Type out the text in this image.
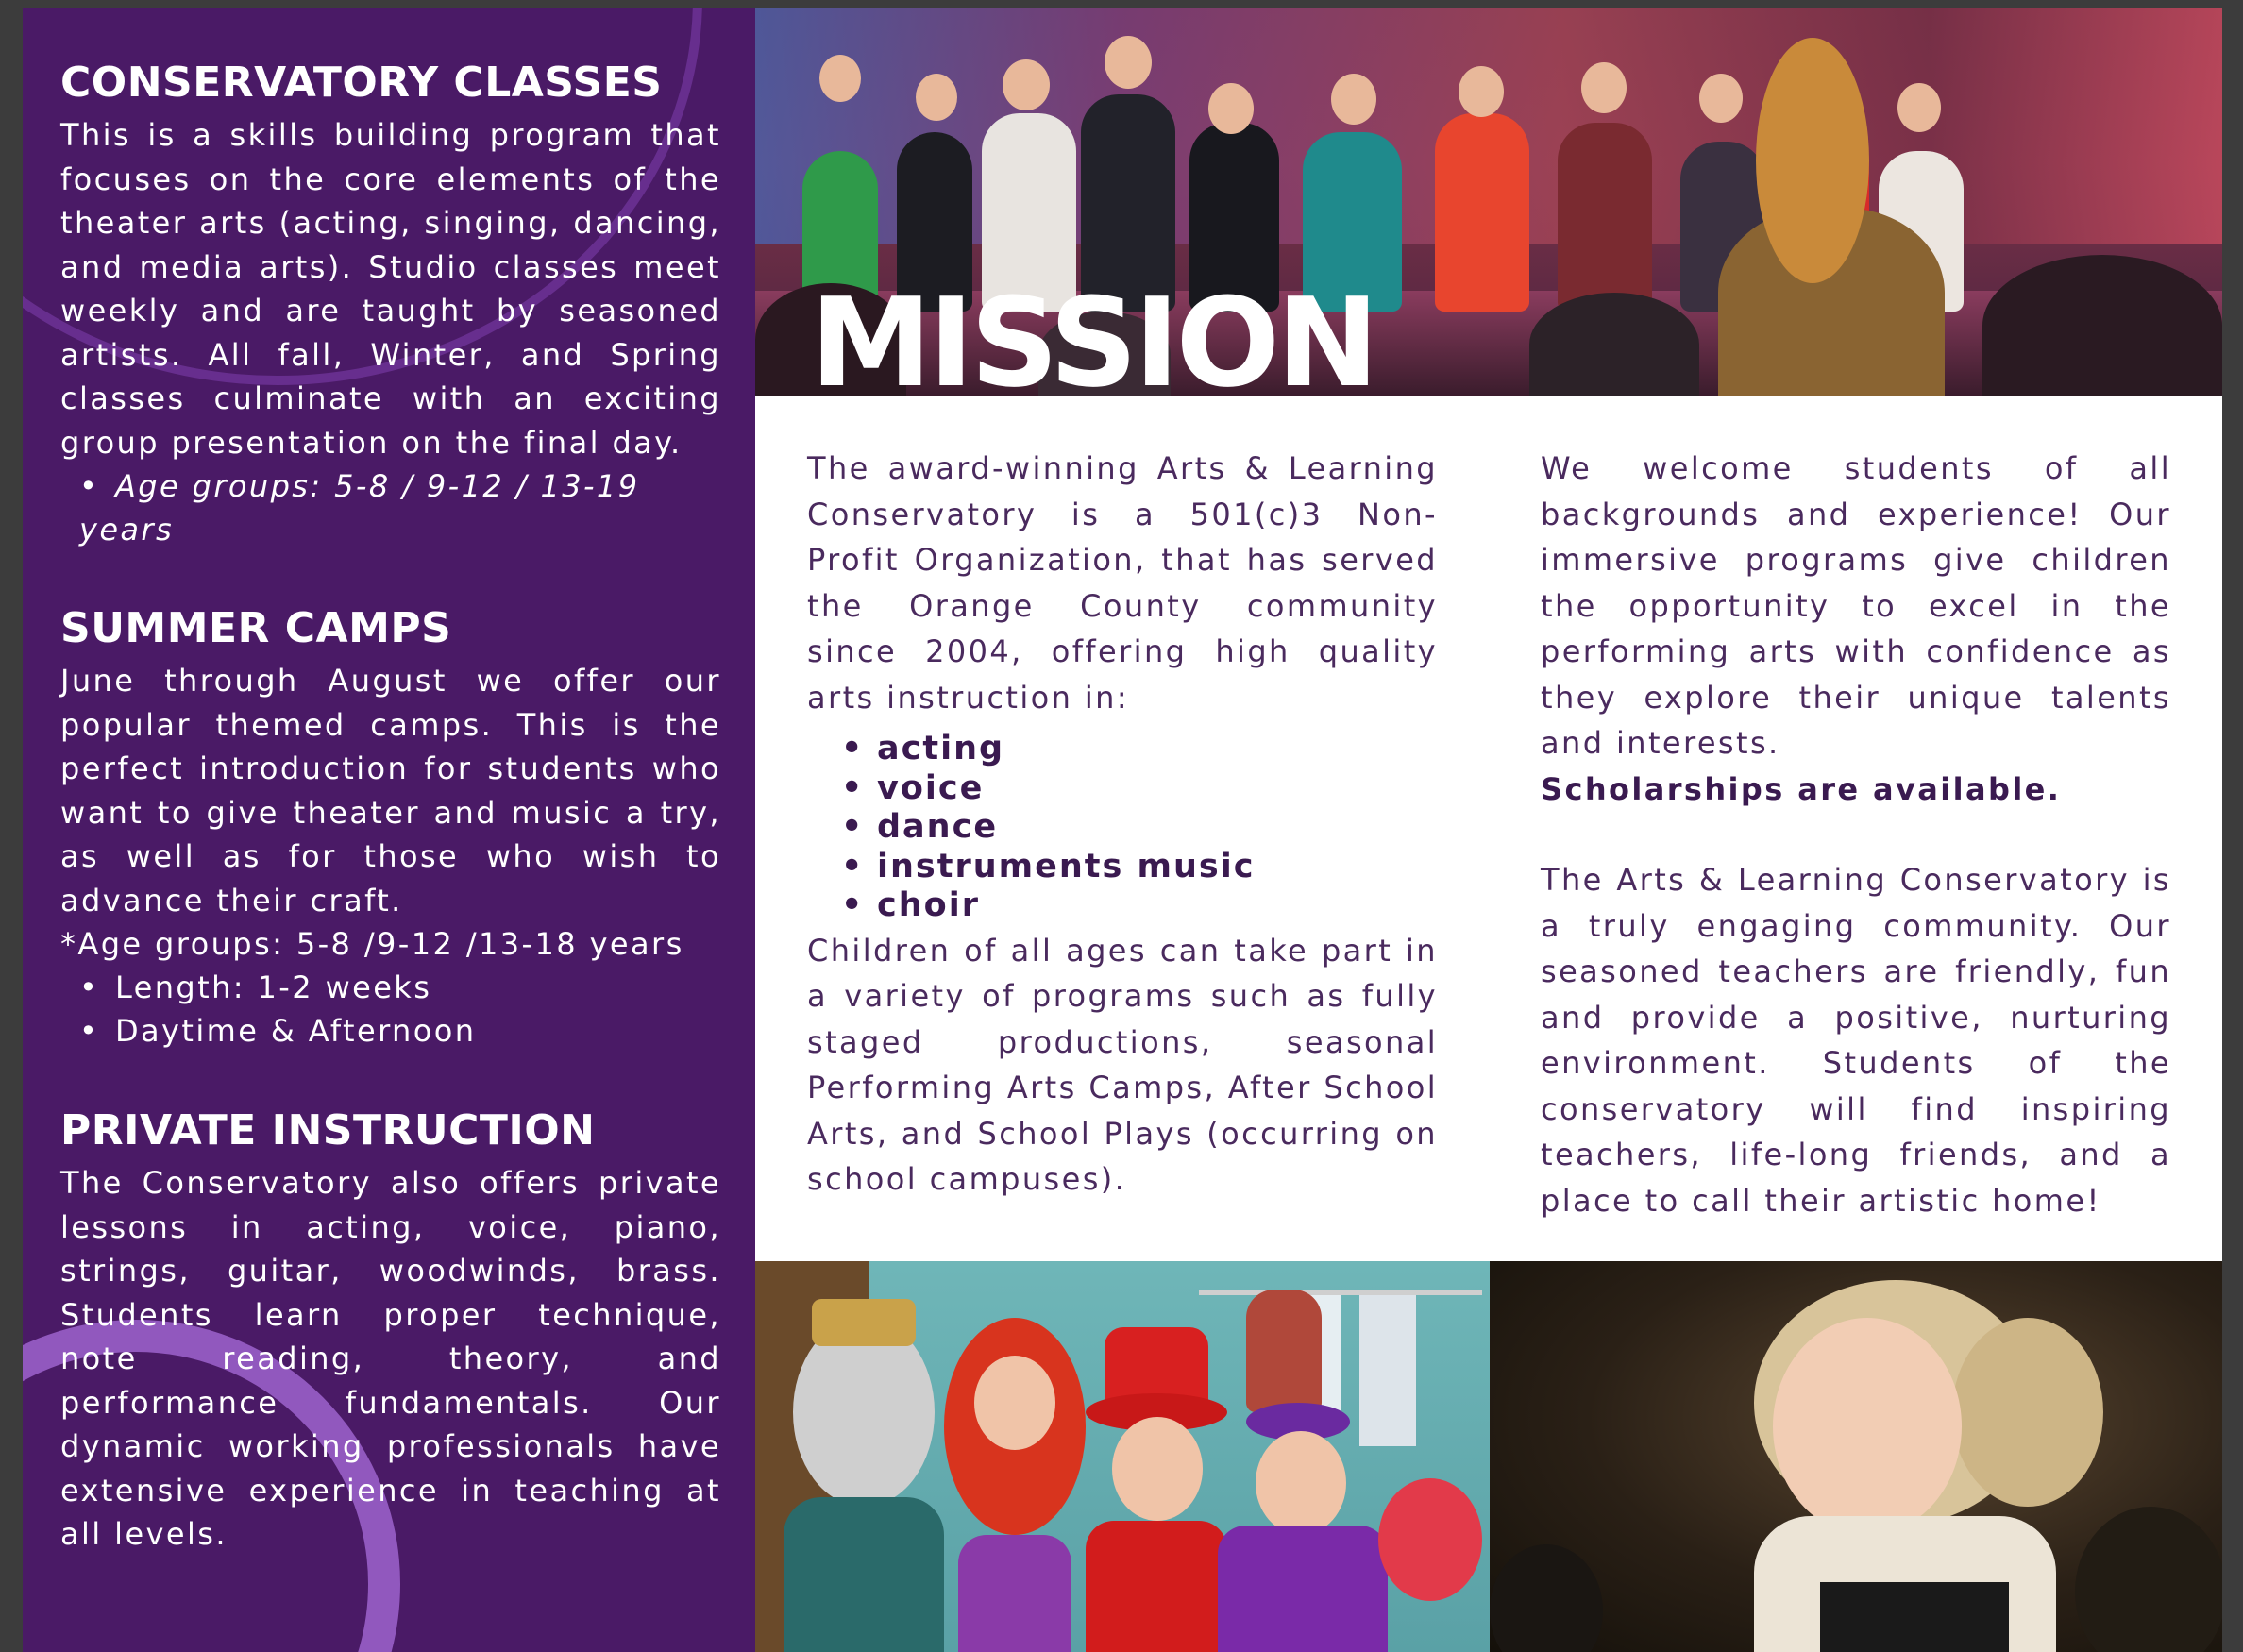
CONSERVATORY CLASSES

This is a skills building program that focuses on the core elements of the theater arts (acting, singing, dancing, and media arts). Studio classes meet weekly and are taught by seasoned artists. All fall, Winter, and Spring classes culminate with an exciting group presentation on the final day.

• Age groups: 5-8 / 9-12 / 13-19 years
SUMMER CAMPS

June through August we offer our popular themed camps. This is the perfect introduction for students who want to give theater and music a try, as well as for those who wish to advance their craft.

*Age groups: 5-8 /9-12 /13-18 years
• Length: 1-2 weeks
• Daytime & Afternoon
PRIVATE INSTRUCTION

The Conservatory also offers private lessons in acting, voice, piano, strings, guitar, woodwinds, brass. Students learn proper technique, note reading, theory, and performance fundamentals. Our dynamic working professionals have extensive experience in teaching at all levels.

MISSION

The award-winning Arts & Learning Conservatory is a 501(c)3 Non-Profit Organization, that has served the Orange County community since 2004, offering high quality arts instruction in:

• acting
• voice
• dance
• instruments music
• choir

Children of all ages can take part in a variety of programs such as fully staged productions, seasonal Performing Arts Camps, After School Arts, and School Plays (occurring on school campuses).

We welcome students of all backgrounds and experience! Our immersive programs give children the opportunity to excel in the performing arts with confidence as they explore their unique talents and interests.

Scholarships are available.

The Arts & Learning Conservatory is a truly engaging community. Our seasoned teachers are friendly, fun and provide a positive, nurturing environment. Students of the conservatory will find inspiring teachers, life-long friends, and a place to call their artistic home!
